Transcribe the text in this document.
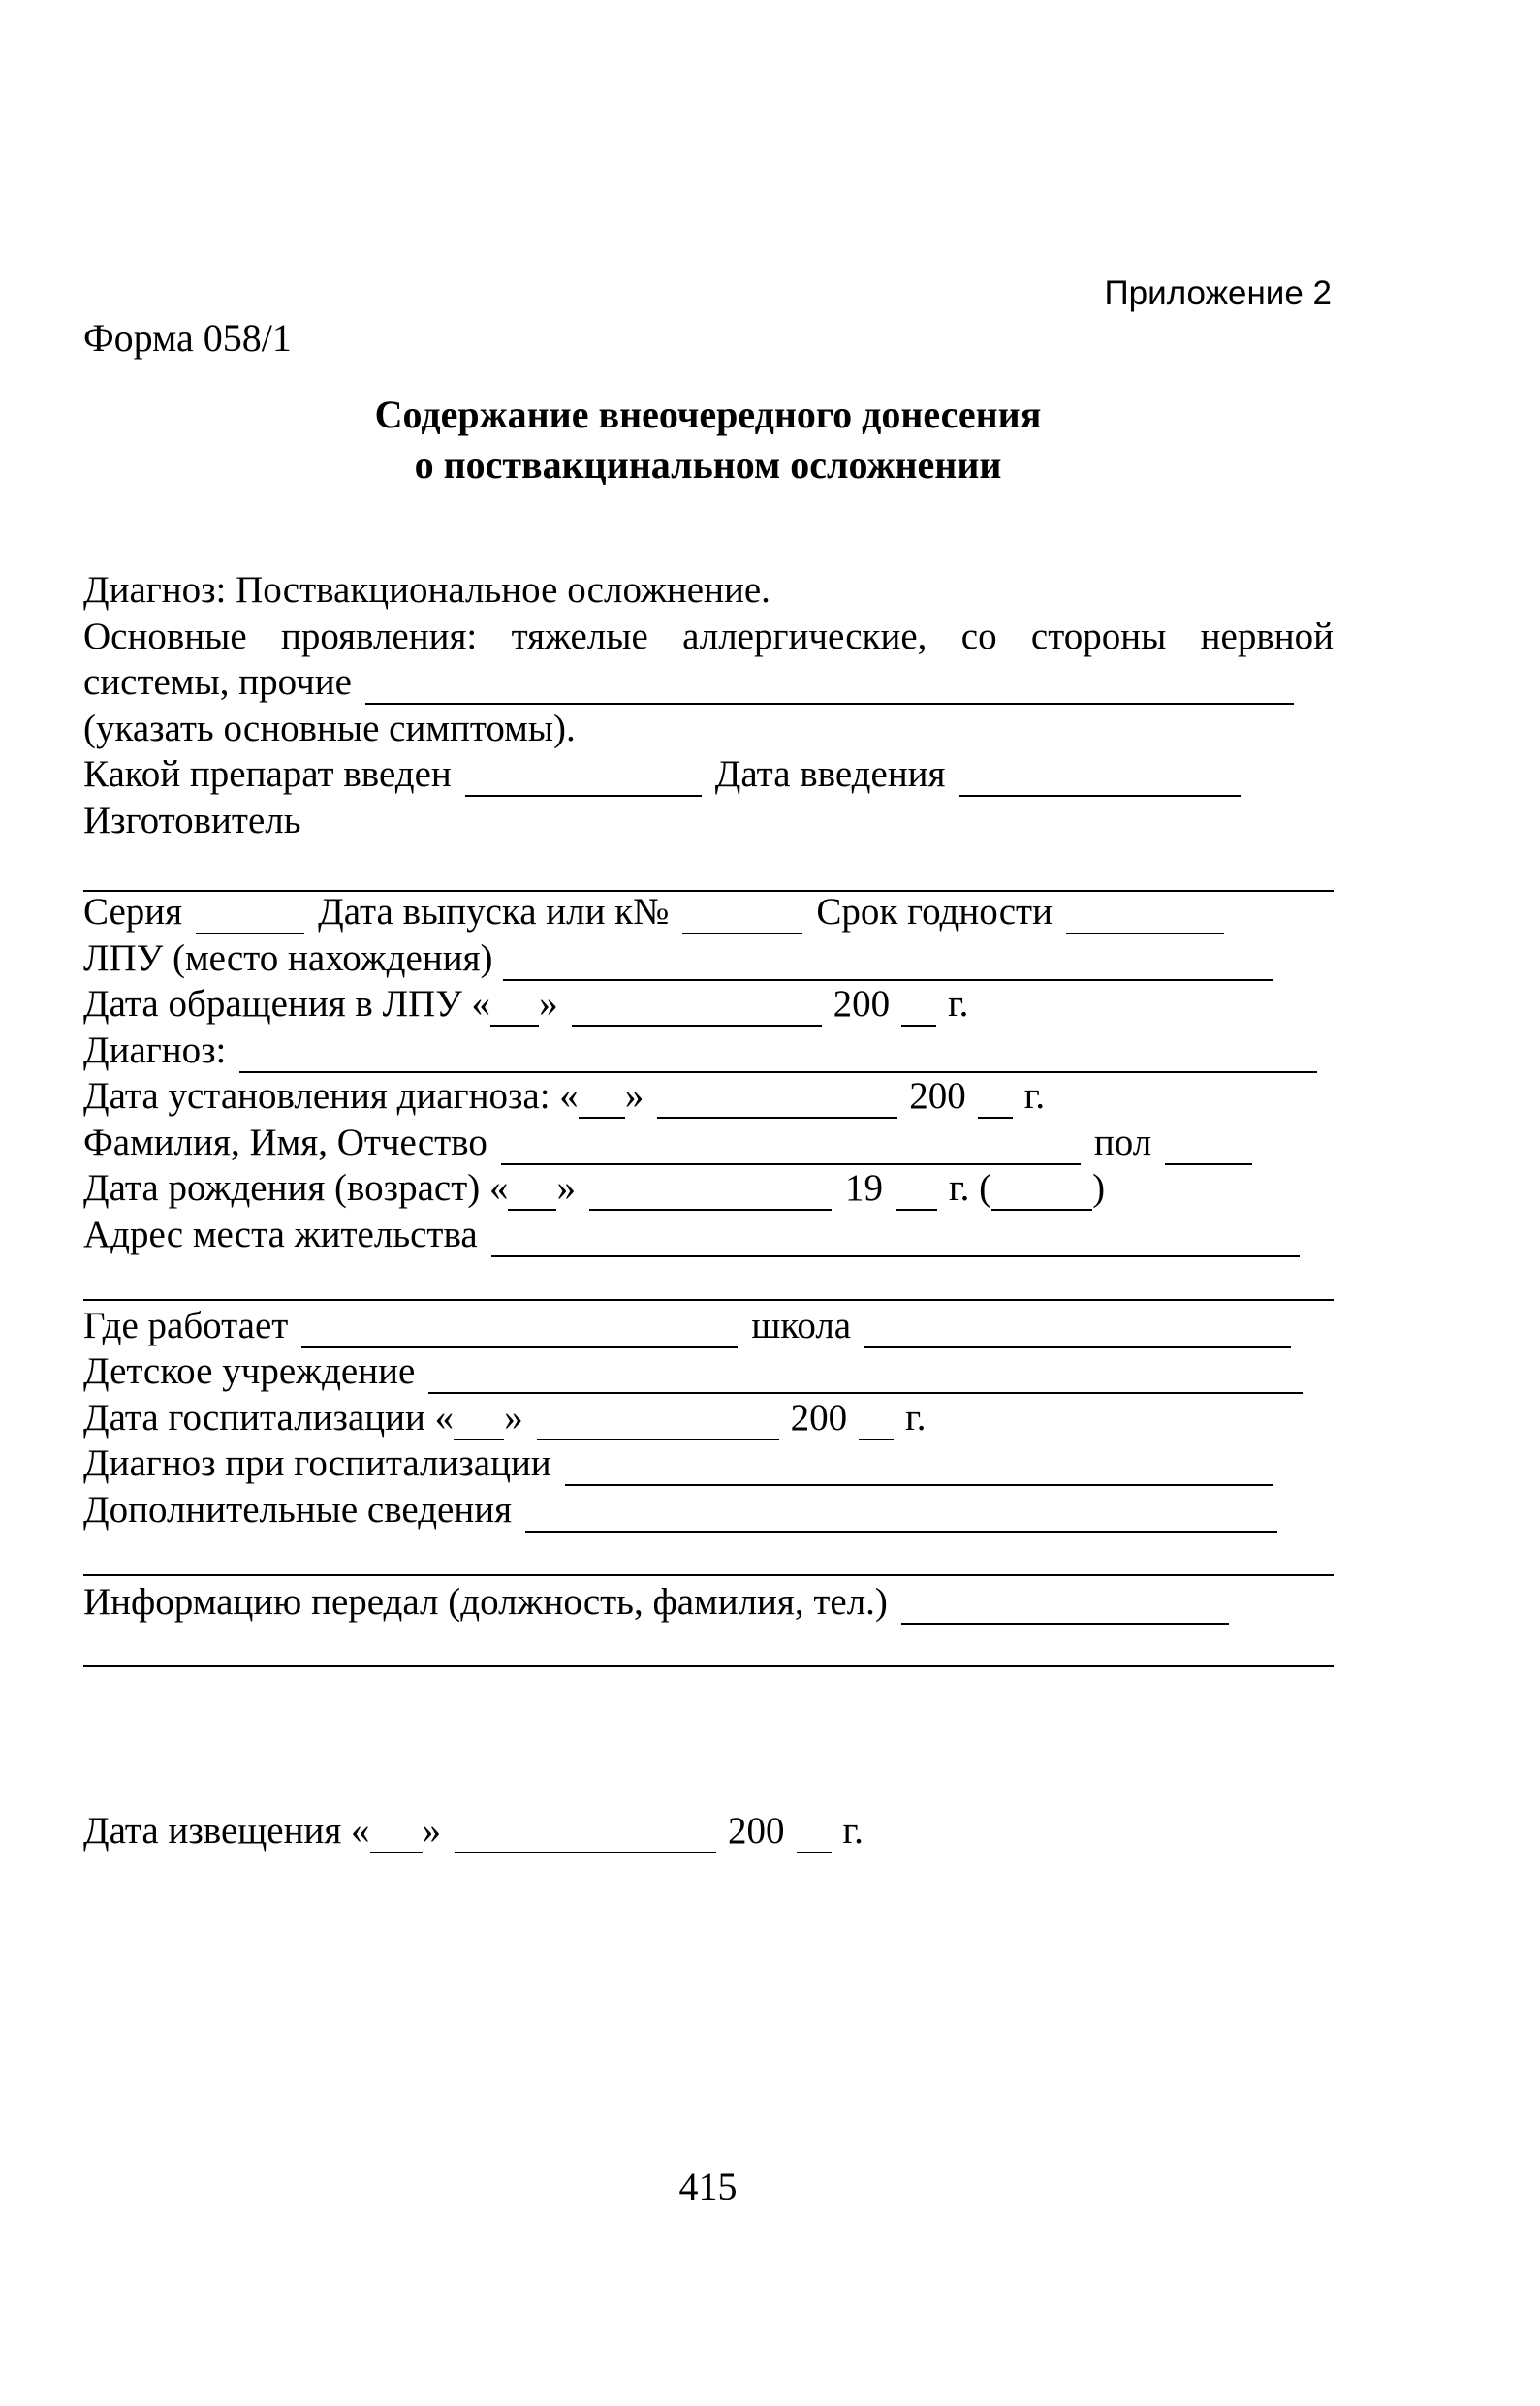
Приложение 2
Форма 058/1
Содержание внеочередного донесения
о поствакцинальном осложнении
Диагноз: Поствакциональное осложнение.
Основные проявления: тяжелые аллергические, со стороны нервной
системы, прочие
(указать основные симптомы).
Какой препарат введен	Дата введения
Изготовитель
Серия	Дата выпуска или к№	Срок годности
ЛПУ (место нахождения)
Дата обращения в ЛПУ « »	200 г.
Диагноз:
Дата установления диагноза: « »	200 г.
Фамилия, Имя, Отчество	пол
Дата рождения (возраст) « »	19 г. (	)
Адрес места жительства
Где работает	школа
Детское учреждение
Дата госпитализации « »	200 г.
Диагноз при госпитализации
Дополнительные сведения
Информацию передал (должность, фамилия, тел.)
Дата извещения « »	200 г.
415
